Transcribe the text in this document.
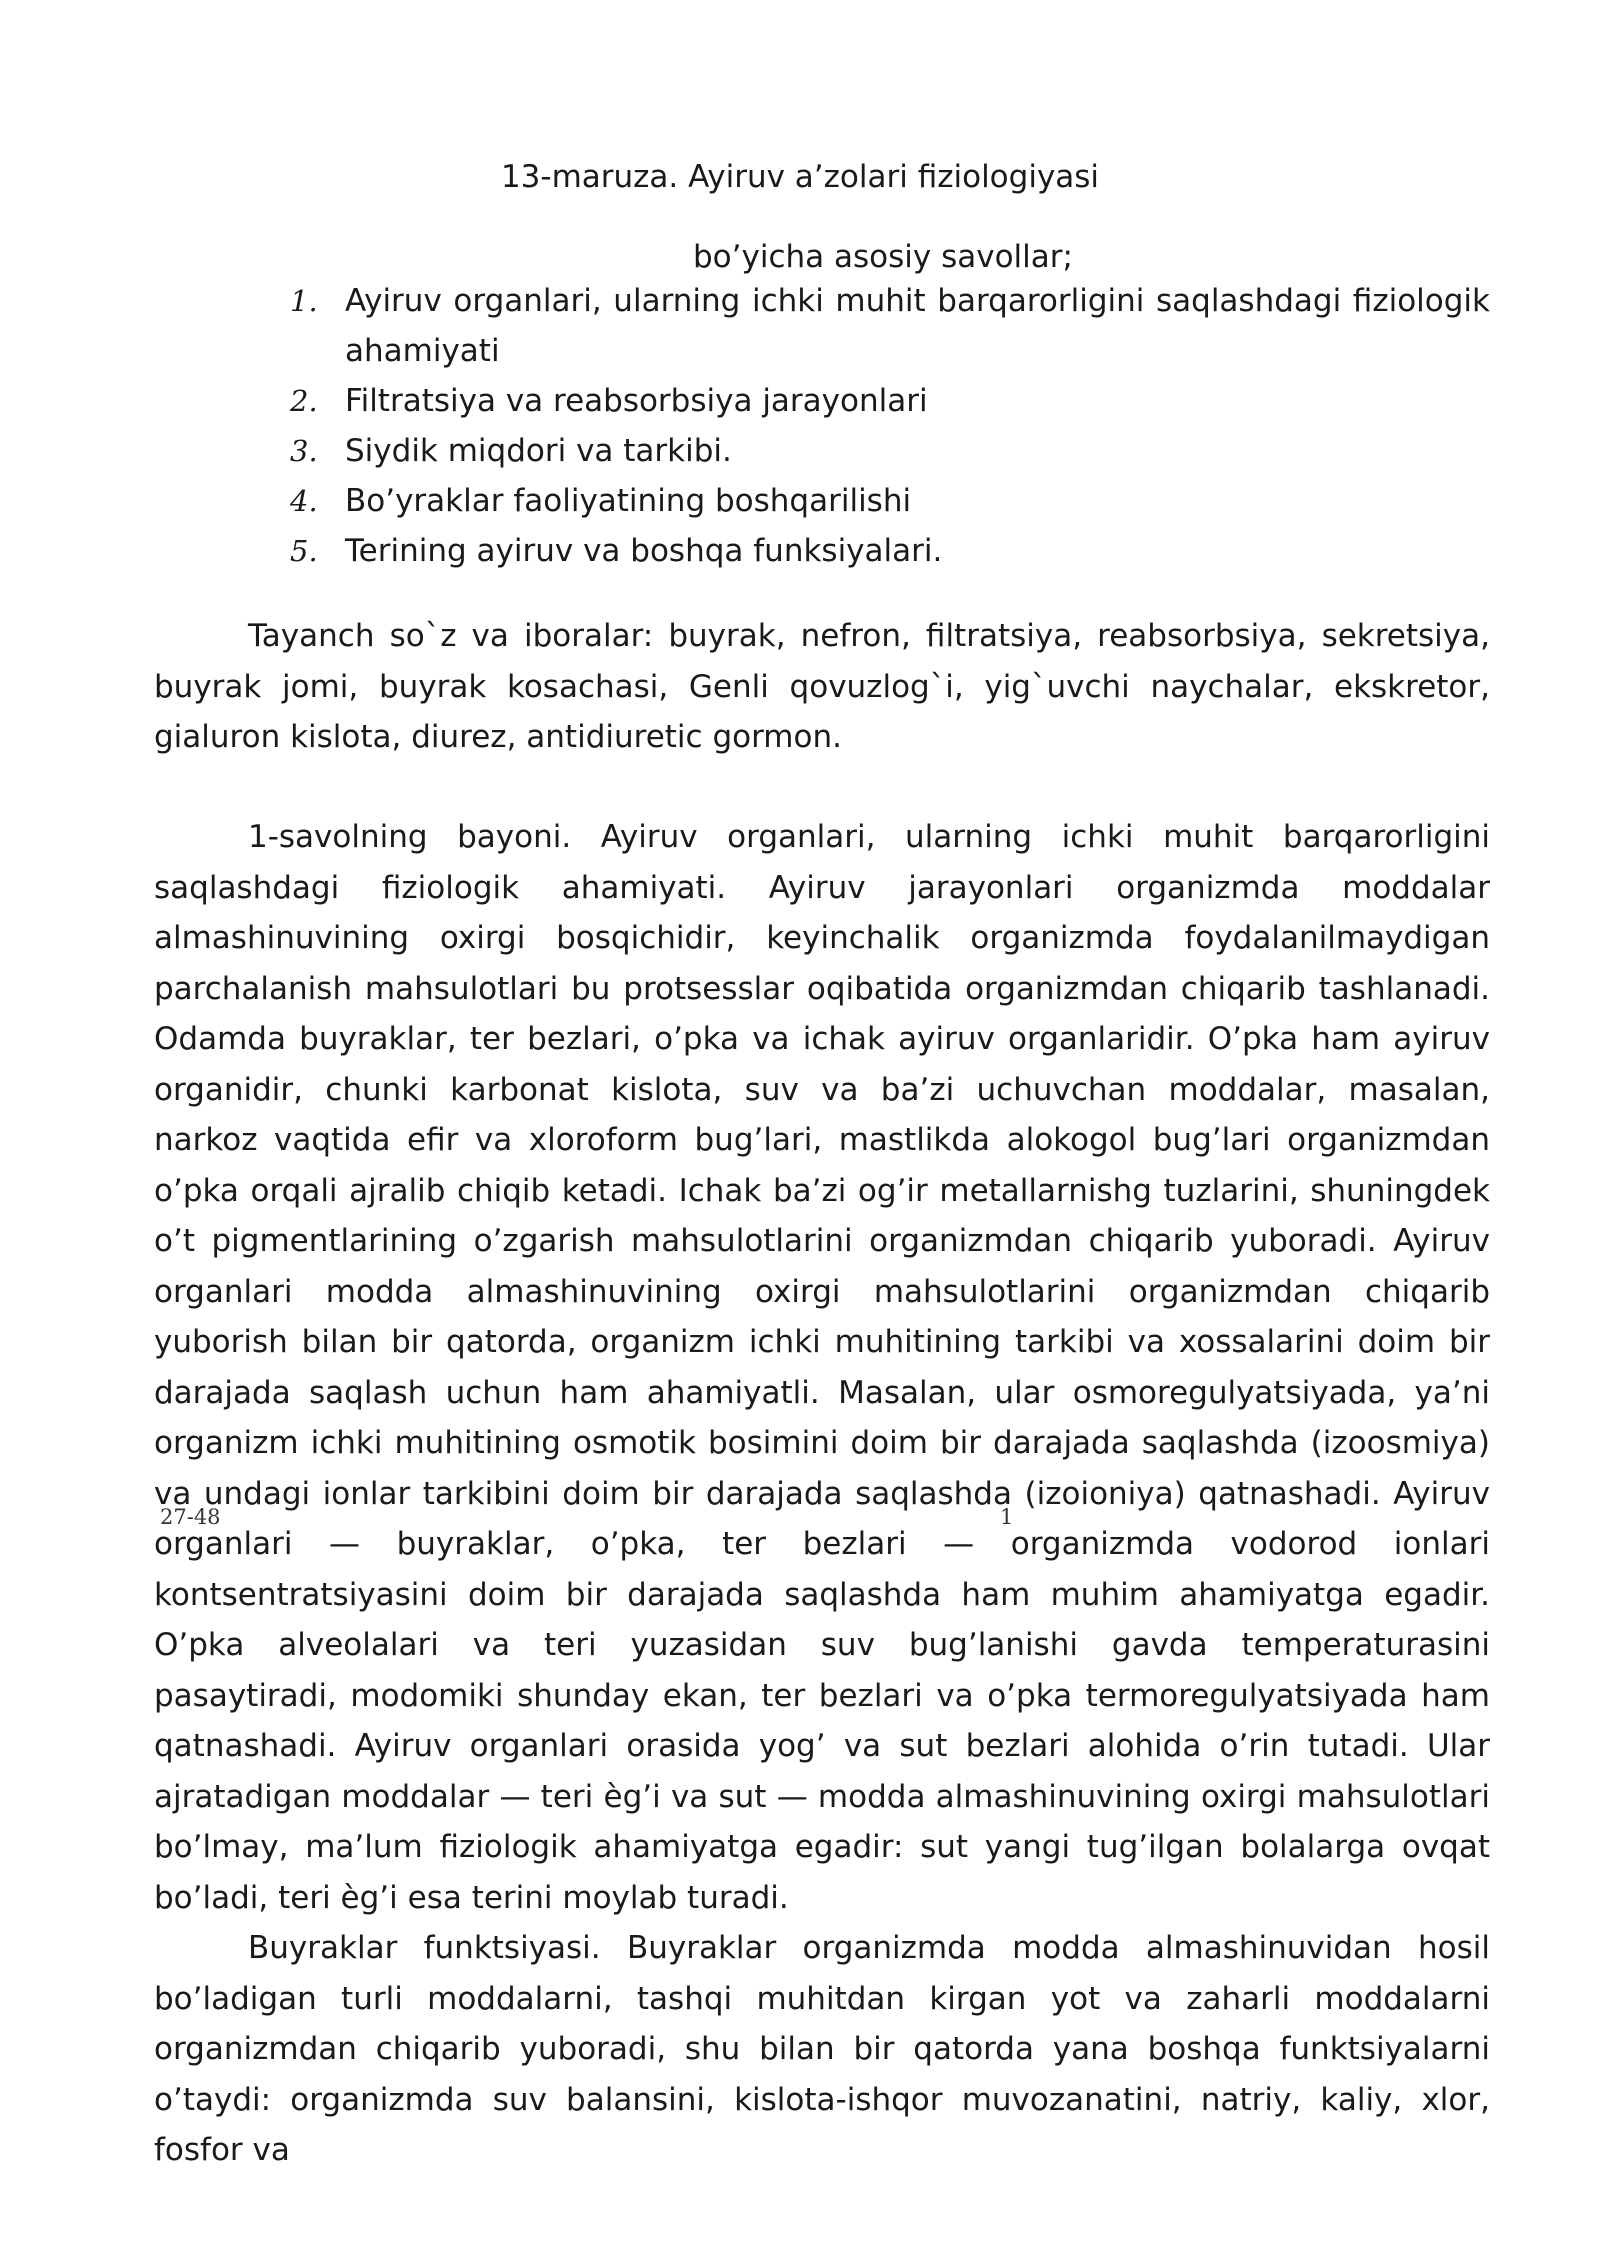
13-maruza. Ayiruv a’zolari fiziologiyasi
bo’yicha asosiy savollar;
1. Ayiruv organlari, ularning ichki muhit barqarorligini saqlashdagi fiziologik ahamiyati
2. Filtratsiya va reabsorbsiya jarayonlari
3. Siydik miqdori va tarkibi.
4. Bo’yraklar faoliyatining boshqarilishi
5. Terining ayiruv va boshqa funksiyalari.

Tayanch so`z va iboralar: buyrak, nefron, filtratsiya, reabsorbsiya, sekretsiya, buyrak jomi, buyrak kosachasi, Genli qovuzlog`i, yig`uvchi naychalar, ekskretor, gialuron kislota, diurez, antidiuretic gormon.

1-savolning bayoni. Ayiruv organlari, ularning ichki muhit barqarorligini saqlashdagi fiziologik ahamiyati. Ayiruv jarayonlari organizmda moddalar almashinuvining oxirgi bosqichidir, keyinchalik organizmda foydalanilmaydigan parchalanish mahsulotlari bu protsesslar oqibatida organizmdan chiqarib tashlanadi. Odamda buyraklar, ter bezlari, o’pka va ichak ayiruv organlaridir. O’pka ham ayiruv organidir, chunki karbonat kislota, suv va ba’zi uchuvchan moddalar, masalan, narkoz vaqtida efir va xloroform bug’lari, mastlikda alokogol bug’lari organizmdan o’pka orqali ajralib chiqib ketadi. Ichak ba’zi og’ir metallarnishg tuzlarini, shuningdek o’t pigmentlarining o’zgarish mahsulotlarini organizmdan chiqarib yuboradi. Ayiruv organlari modda almashinuvining oxirgi mahsulotlarini organizmdan chiqarib yuborish bilan bir qatorda, organizm ichki muhitining tarkibi va xossalarini doim bir darajada saqlash uchun ham ahamiyatli. Masalan, ular osmoregulyatsiyada, ya’ni organizm ichki muhitining osmotik bosimini doim bir darajada saqlashda (izoosmiya) va undagi ionlar tarkibini doim bir darajada saqlashda (izoioniya) qatnashadi. Ayiruv organlari — buyraklar, o’pka, ter bezlari — organizmda vodorod ionlari kontsentratsiyasini doim bir darajada saqlashda ham muhim ahamiyatga egadir. O’pka alveolalari va teri yuzasidan suv bug’lanishi gavda temperaturasini pasaytiradi, modomiki shunday ekan, ter bezlari va o’pka termoregulyatsiyada ham qatnashadi. Ayiruv organlari orasida yog’ va sut bezlari alohida o’rin tutadi. Ular ajratadigan moddalar — teri èg’i va sut — modda almashinuvining oxirgi mahsulotlari bo’lmay, ma’lum fiziologik ahamiyatga egadir: sut yangi tug’ilgan bolalarga ovqat bo’ladi, teri èg’i esa terini moylab turadi.

Buyraklar funktsiyasi. Buyraklar organizmda modda almashinuvidan hosil bo’ladigan turli moddalarni, tashqi muhitdan kirgan yot va zaharli moddalarni organizmdan chiqarib yuboradi, shu bilan bir qatorda yana boshqa funktsiyalarni o’taydi: organizmda suv balansini, kislota-ishqor muvozanatini, natriy, kaliy, xlor, fosfor va

27-48	1
